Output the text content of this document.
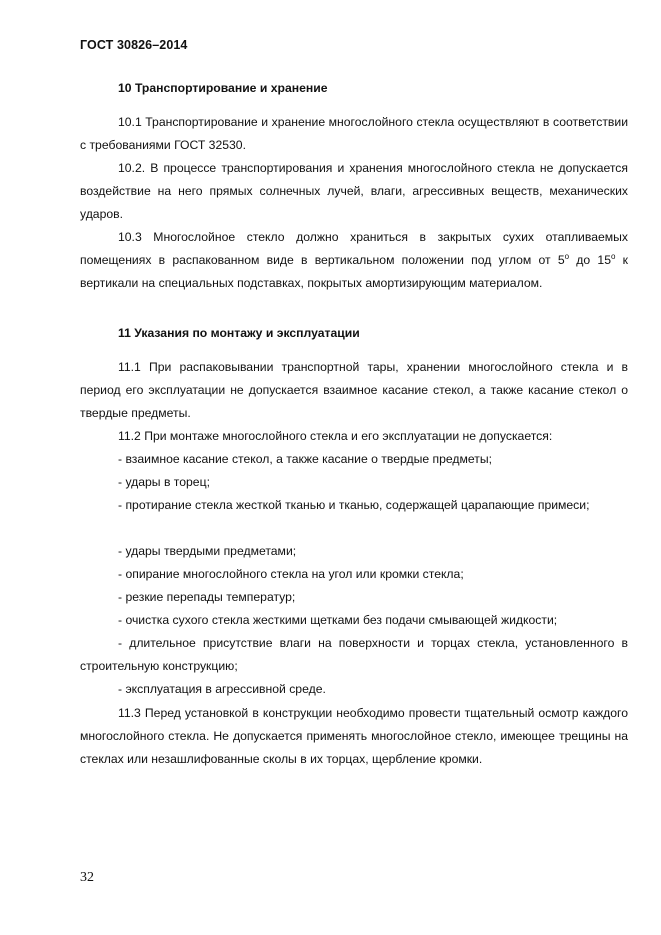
ГОСТ 30826–2014
10 Транспортирование и хранение

10.1 Транспортирование и хранение многослойного стекла осуществляют в соответствии с требованиями ГОСТ 32530.

10.2. В процессе транспортирования и хранения многослойного стекла не допускается воздействие на него прямых солнечных лучей, влаги, агрессивных веществ, механических ударов.

10.3 Многослойное стекло должно храниться в закрытых сухих отапливаемых помещениях в распакованном виде в вертикальном положении под углом от $5^о$ до $15^о$ к вертикали на специальных подставках, покрытых амортизирующим материалом.

11 Указания по монтажу и эксплуатации

11.1 При распаковывании транспортной тары, хранении многослойного стекла и в период его эксплуатации не допускается взаимное касание стекол, а также касание стекол о твердые предметы.

11.2 При монтаже многослойного стекла и его эксплуатации не допускается:

- взаимное касание стекол, а также касание о твердые предметы;

- удары в торец;

- протирание стекла жесткой тканью и тканью, содержащей царапающие примеси;

- удары твердыми предметами;

- опирание многослойного стекла на угол или кромки стекла;

- резкие перепады температур;

- очистка сухого стекла жесткими щетками без подачи смывающей жидкости;

- длительное присутствие влаги на поверхности и торцах стекла, установленного в строительную конструкцию;

- эксплуатация в агрессивной среде.

11.3 Перед установкой в конструкции необходимо провести тщательный осмотр каждого многослойного стекла. Не допускается применять многослойное стекло, имеющее трещины на стеклах или незашлифованные сколы в их торцах, щербление кромки.

32
